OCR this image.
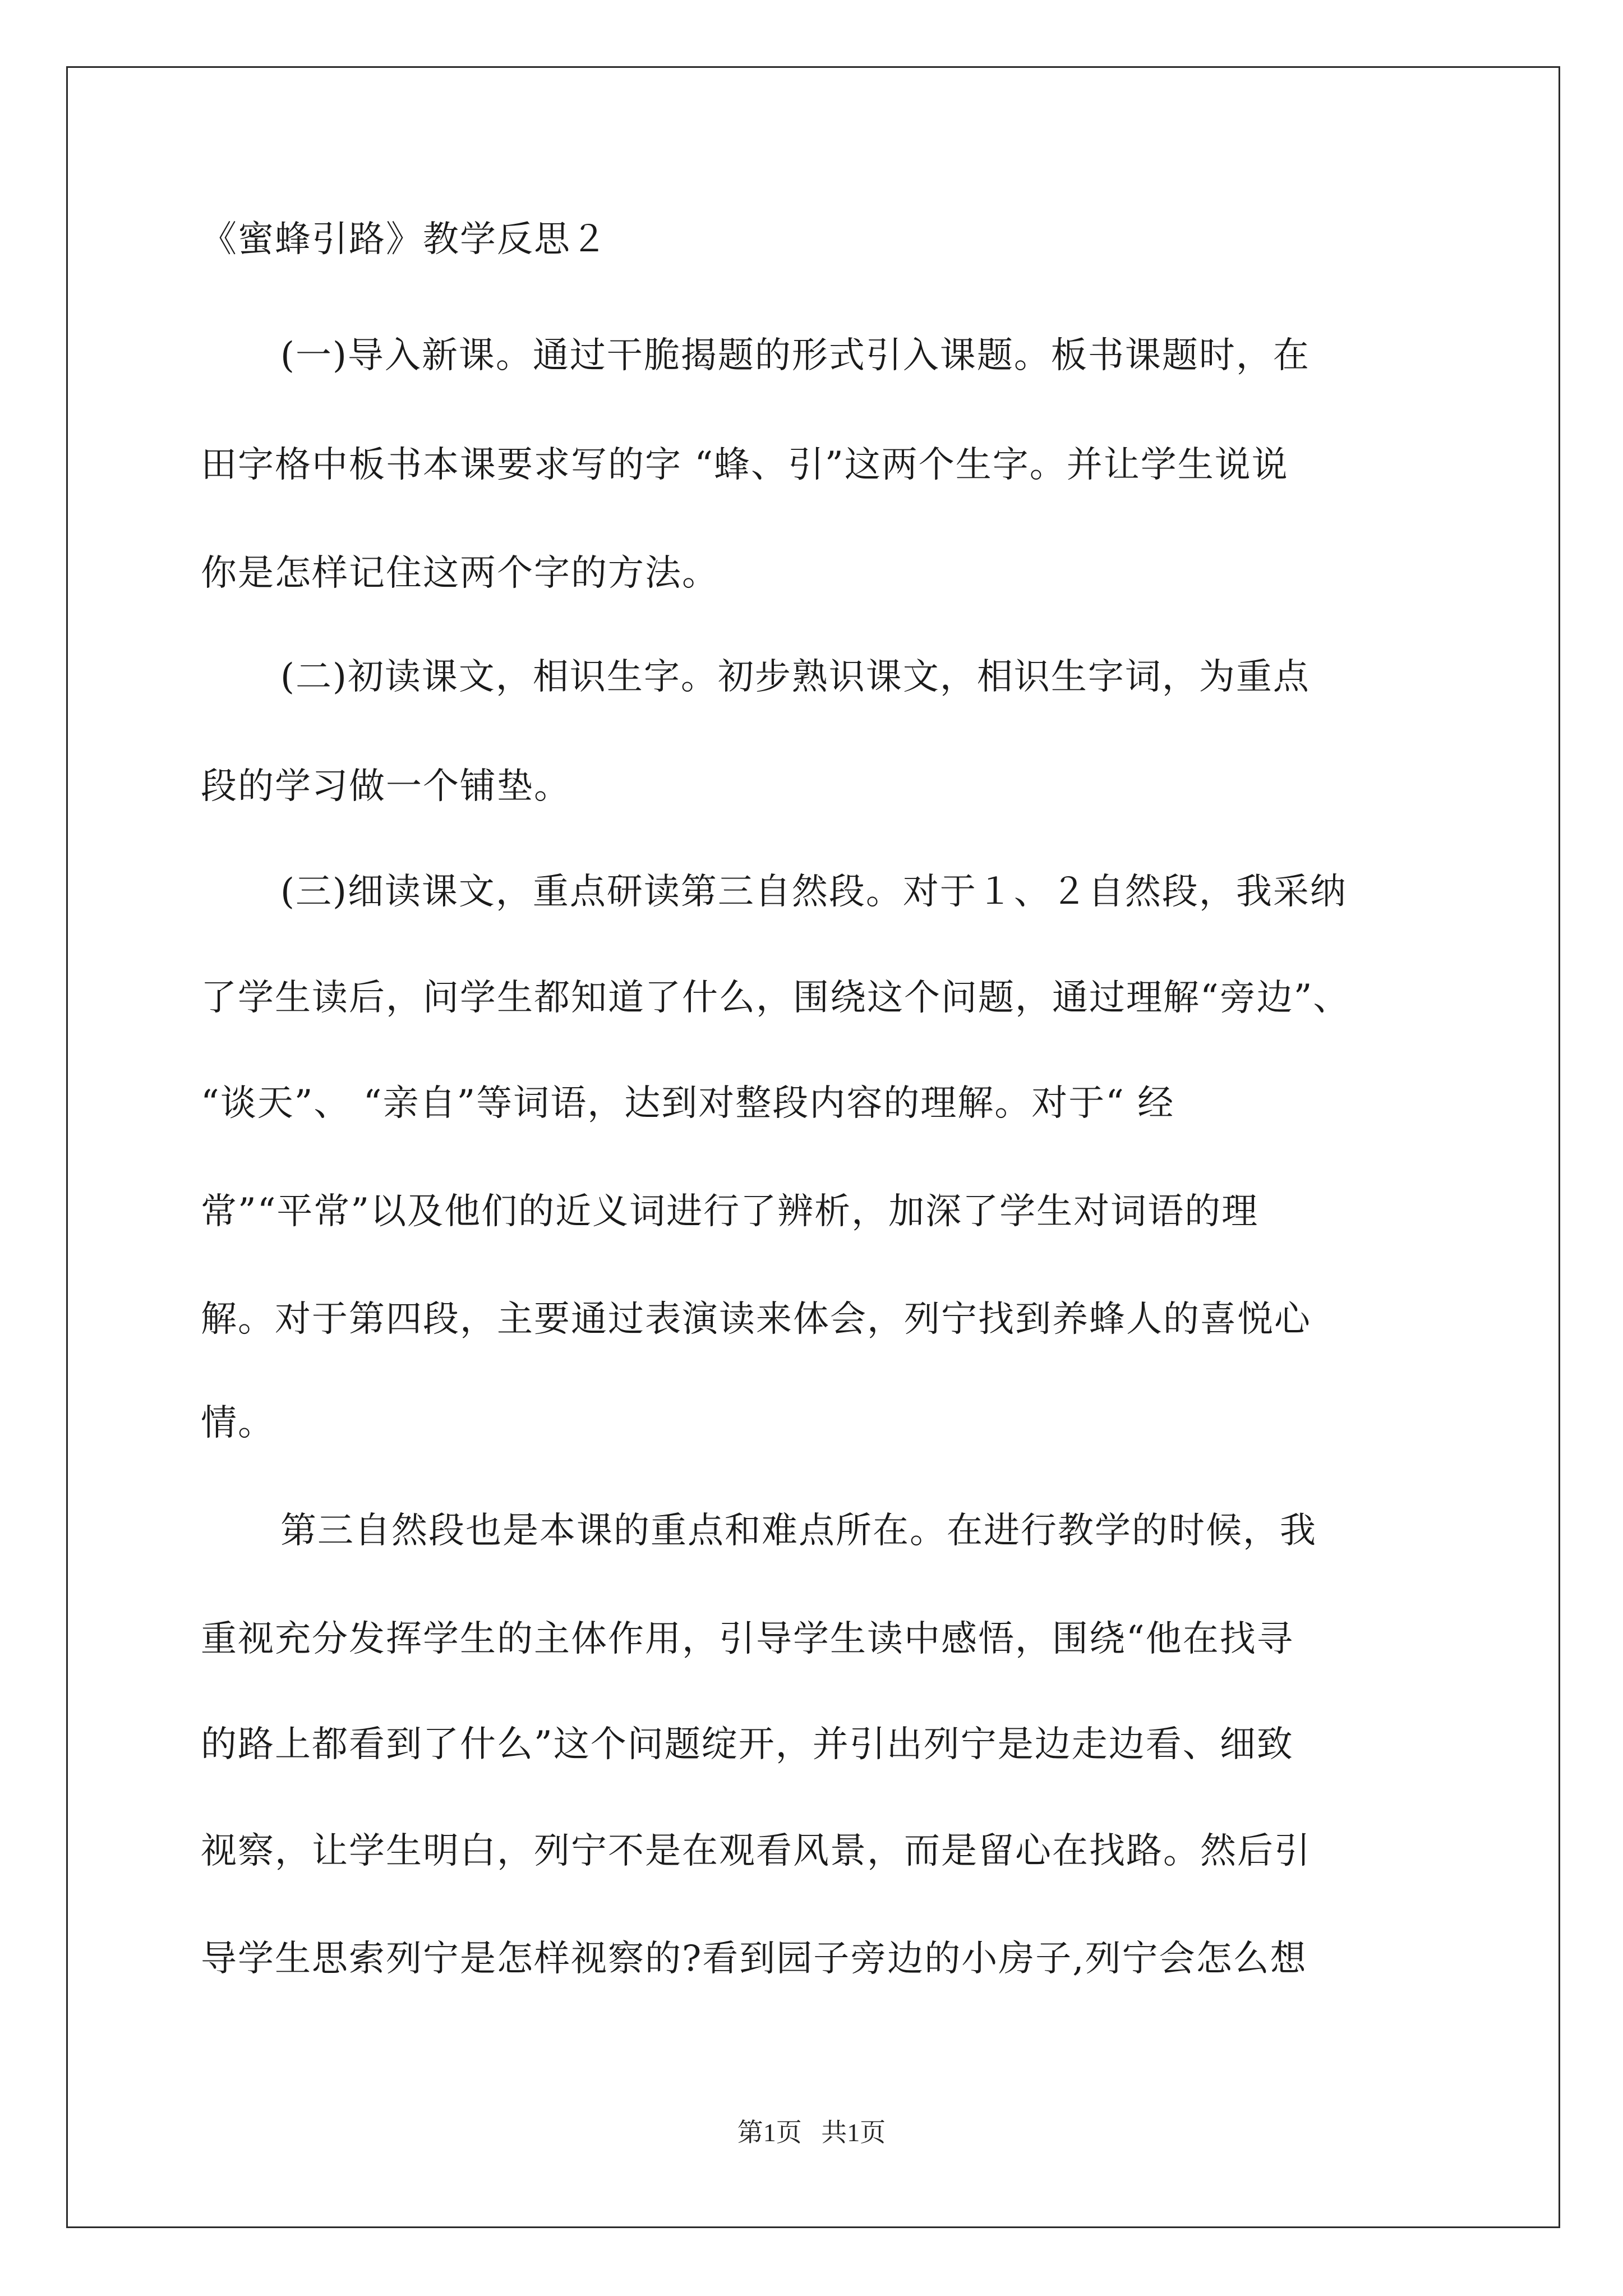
《蜜蜂引路》教学反思２
(一)导入新课。通过干脆揭题的形式引入课题。板书课题时，在
田字格中板书本课要求写的字 “蜂、引”这两个生字。并让学生说说
你是怎样记住这两个字的方法。
(二)初读课文，相识生字。初步熟识课文，相识生字词，为重点
段的学习做一个铺垫。
(三)细读课文，重点研读第三自然段。对于１、２自然段，我采纳
了学生读后，问学生都知道了什么，围绕这个问题，通过理解“旁边”、
“谈天”、 “亲自”等词语，达到对整段内容的理解。对于“ 经
常”“平常”以及他们的近义词进行了辨析，加深了学生对词语的理
解。对于第四段，主要通过表演读来体会，列宁找到养蜂人的喜悦心
情。
第三自然段也是本课的重点和难点所在。在进行教学的时候，我
重视充分发挥学生的主体作用，引导学生读中感悟，围绕“他在找寻
的路上都看到了什么”这个问题绽开，并引出列宁是边走边看、细致
视察，让学生明白，列宁不是在观看风景，而是留心在找路。然后引
导学生思索列宁是怎样视察的?看到园子旁边的小房子,列宁会怎么想
第1页   共1页
